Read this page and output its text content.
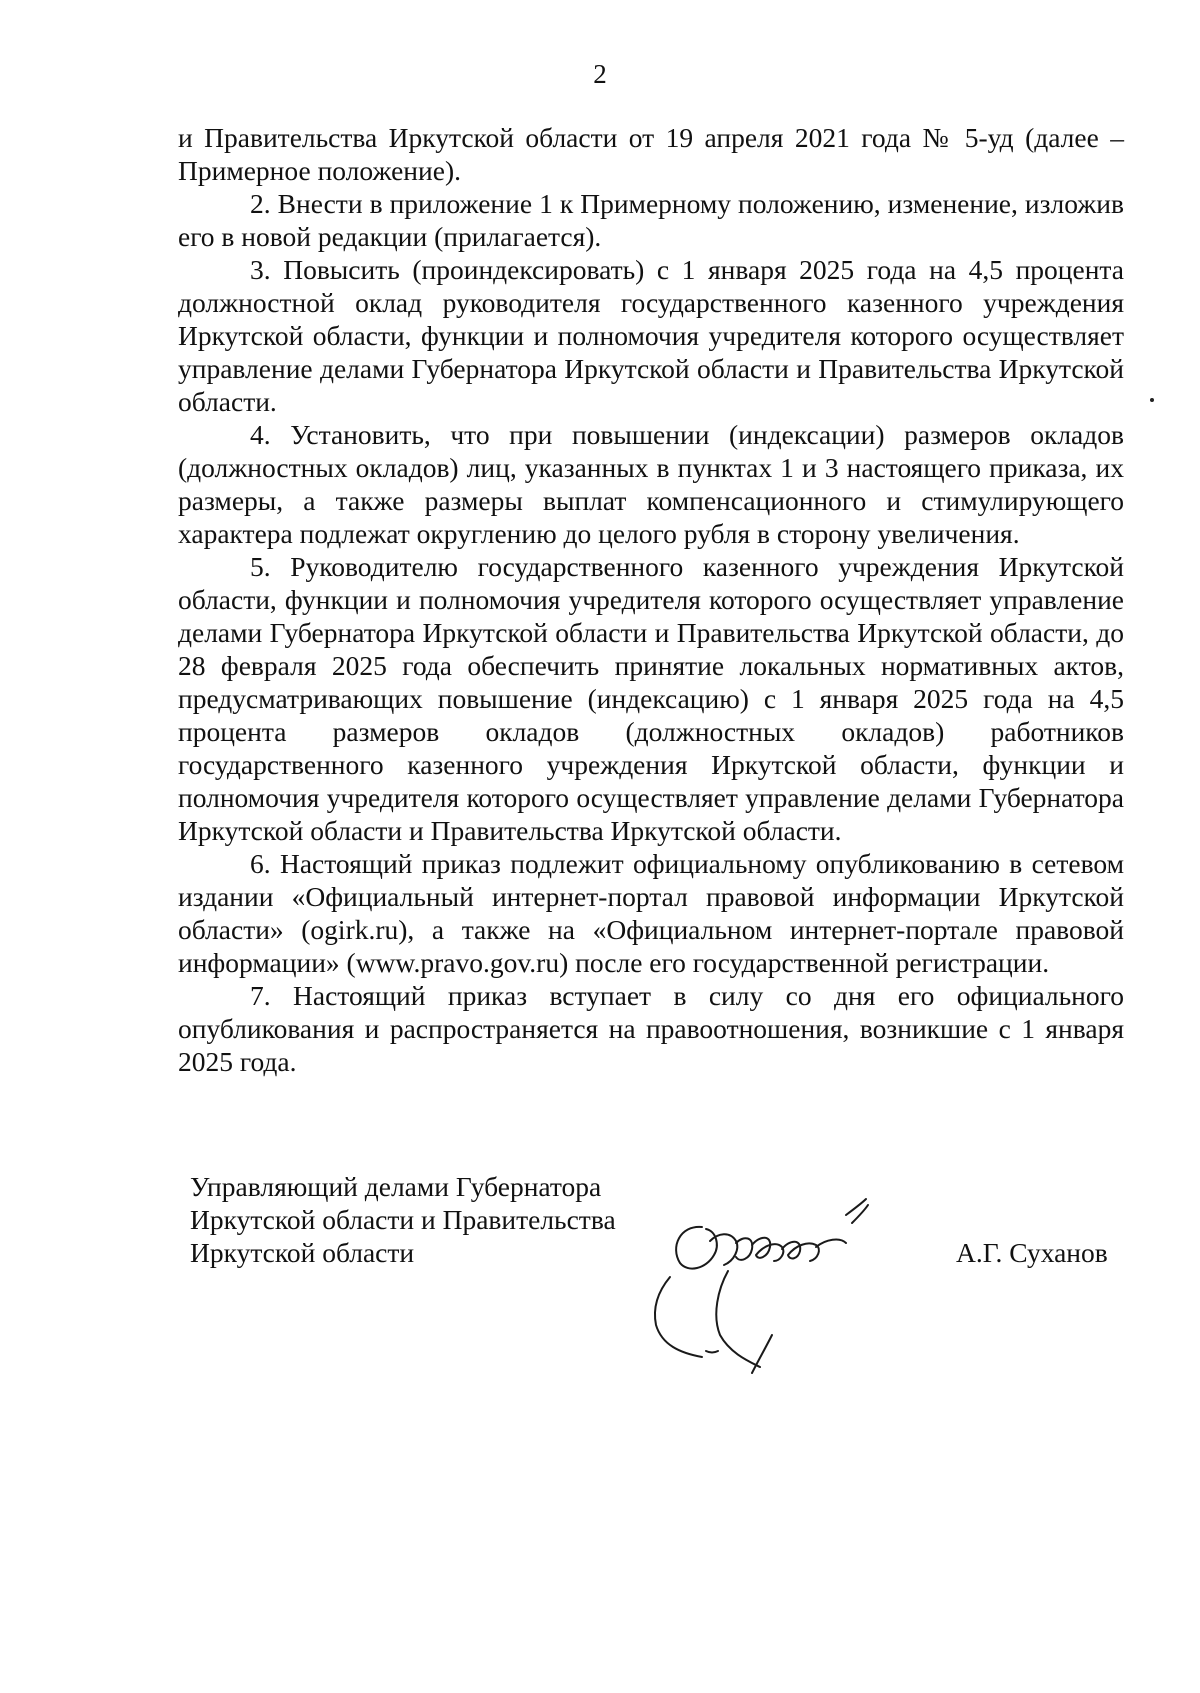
2

и Правительства Иркутской области от 19 апреля 2021 года № 5-уд (далее – Примерное положение).

2. Внести в приложение 1 к Примерному положению, изменение, изложив его в новой редакции (прилагается).

3. Повысить (проиндексировать) с 1 января 2025 года на 4,5 процента должностной оклад руководителя государственного казенного учреждения Иркутской области, функции и полномочия учредителя которого осуществляет управление делами Губернатора Иркутской области и Правительства Иркутской области.

4. Установить, что при повышении (индексации) размеров окладов (должностных окладов) лиц, указанных в пунктах 1 и 3 настоящего приказа, их размеры, а также размеры выплат компенсационного и стимулирующего характера подлежат округлению до целого рубля в сторону увеличения.

5. Руководителю государственного казенного учреждения Иркутской области, функции и полномочия учредителя которого осуществляет управление делами Губернатора Иркутской области и Правительства Иркутской области, до 28 февраля 2025 года обеспечить принятие локальных нормативных актов, предусматривающих повышение (индексацию) с 1 января 2025 года на 4,5 процента размеров окладов (должностных окладов) работников государственного казенного учреждения Иркутской области, функции и полномочия учредителя которого осуществляет управление делами Губернатора Иркутской области и Правительства Иркутской области.

6. Настоящий приказ подлежит официальному опубликованию в сетевом издании «Официальный интернет-портал правовой информации Иркутской области» (ogirk.ru), а также на «Официальном интернет-портале правовой информации» (www.pravo.gov.ru) после его государственной регистрации.

7. Настоящий приказ вступает в силу со дня его официального опубликования и распространяется на правоотношения, возникшие с 1 января 2025 года.

Управляющий делами Губернатора
Иркутской области и Правительства
Иркутской области	А.Г. Суханов
